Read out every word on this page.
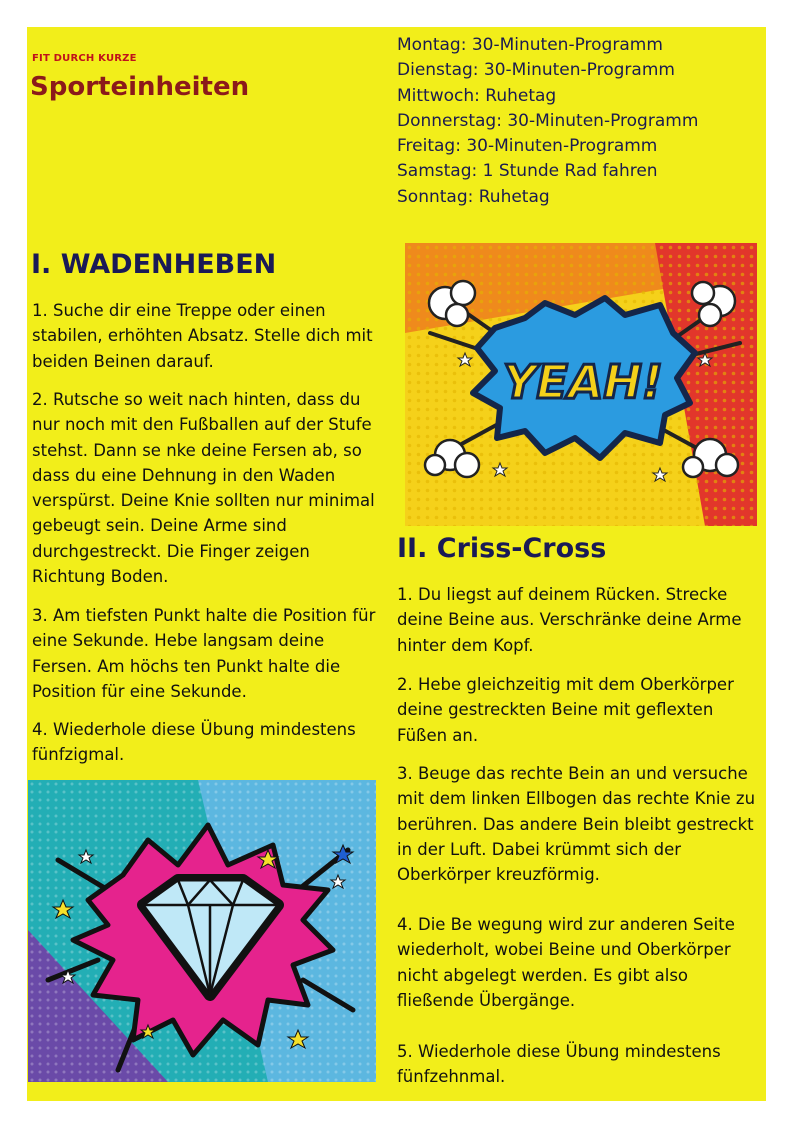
FIT DURCH KURZE
Sporteinheiten
Montag: 30-Minuten-Programm
Dienstag: 30-Minuten-Programm
Mittwoch: Ruhetag
Donnerstag: 30-Minuten-Programm
Freitag: 30-Minuten-Programm
Samstag: 1 Stunde Rad fahren
Sonntag: Ruhetag
I. WADENHEBEN

1. Suche dir eine Treppe oder einen stabilen, erhöhten Absatz. Stelle dich mit beiden Beinen darauf.

2. Rutsche so weit nach hinten, dass du nur noch mit den Fußballen auf der Stufe stehst. Dann se nke deine Fersen ab, so dass du eine Dehnung in den Waden verspürst. Deine Knie sollten nur minimal gebeugt sein. Deine Arme sind durchgestreckt. Die Finger zeigen Richtung Boden.

3. Am tiefsten Punkt halte die Position für eine Sekunde. Hebe langsam deine Fersen. Am höchs ten Punkt halte die Position für eine Sekunde.

4. Wiederhole diese Übung mindestens fünfzigmal.

II. Criss-Cross

1. Du liegst auf deinem Rücken. Strecke deine Beine aus. Verschränke deine Arme hinter dem Kopf.

2. Hebe gleichzeitig mit dem Oberkörper deine gestreckten Beine mit geflexten Füßen an.

3. Beuge das rechte Bein an und versuche mit dem linken Ellbogen das rechte Knie zu berühren. Das andere Bein bleibt gestreckt in der Luft. Dabei krümmt sich der Oberkörper kreuzförmig.

4. Die Be wegung wird zur anderen Seite wiederholt, wobei Beine und Oberkörper nicht abgelegt werden. Es gibt also fließende Übergänge.

5. Wiederhole diese Übung mindestens fünfzehnmal.

YEAH!
